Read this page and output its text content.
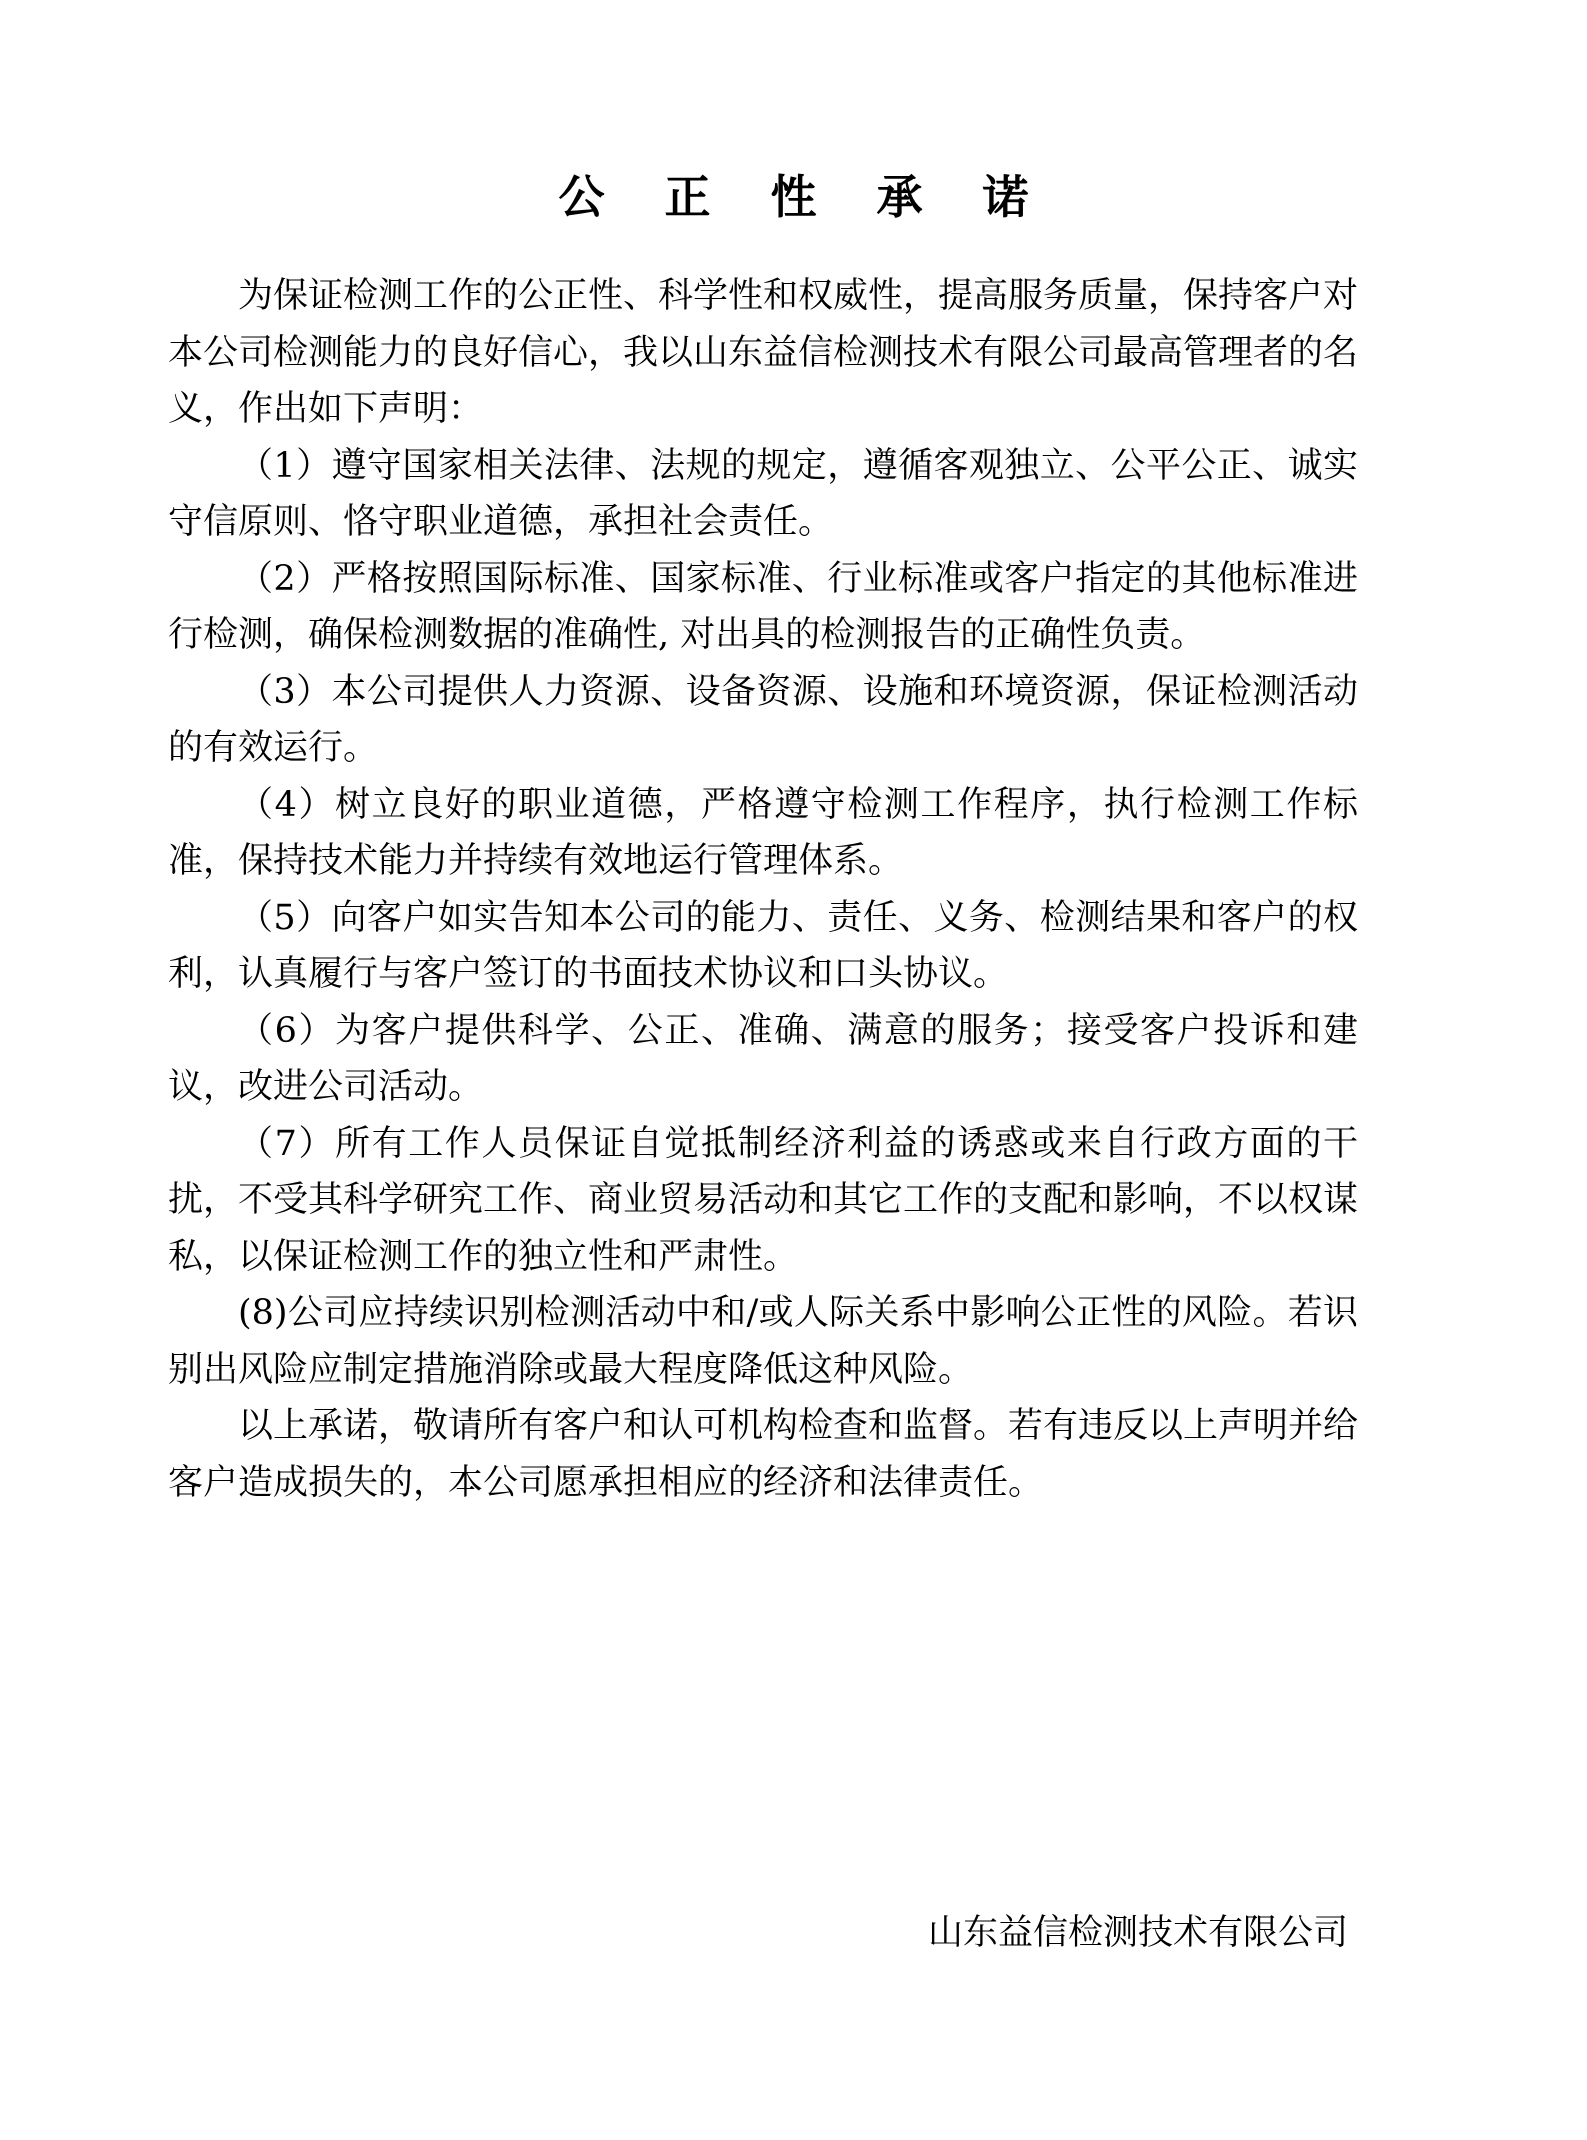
公 正 性 承 诺

为保证检测工作的公正性、科学性和权威性，提高服务质量，保持客户对本公司检测能力的良好信心，我以山东益信检测技术有限公司最高管理者的名义，作出如下声明：

（1）遵守国家相关法律、法规的规定，遵循客观独立、公平公正、诚实守信原则、恪守职业道德，承担社会责任。

（2）严格按照国际标准、国家标准、行业标准或客户指定的其他标准进行检测，确保检测数据的准确性, 对出具的检测报告的正确性负责。

（3）本公司提供人力资源、设备资源、设施和环境资源，保证检测活动的有效运行。

（4）树立良好的职业道德，严格遵守检测工作程序，执行检测工作标准，保持技术能力并持续有效地运行管理体系。

（5）向客户如实告知本公司的能力、责任、义务、检测结果和客户的权利，认真履行与客户签订的书面技术协议和口头协议。

（6）为客户提供科学、公正、准确、满意的服务；接受客户投诉和建议，改进公司活动。

（7）所有工作人员保证自觉抵制经济利益的诱惑或来自行政方面的干扰，不受其科学研究工作、商业贸易活动和其它工作的支配和影响，不以权谋私，以保证检测工作的独立性和严肃性。

(8)公司应持续识别检测活动中和/或人际关系中影响公正性的风险。若识别出风险应制定措施消除或最大程度降低这种风险。

以上承诺，敬请所有客户和认可机构检查和监督。若有违反以上声明并给客户造成损失的，本公司愿承担相应的经济和法律责任。

山东益信检测技术有限公司
